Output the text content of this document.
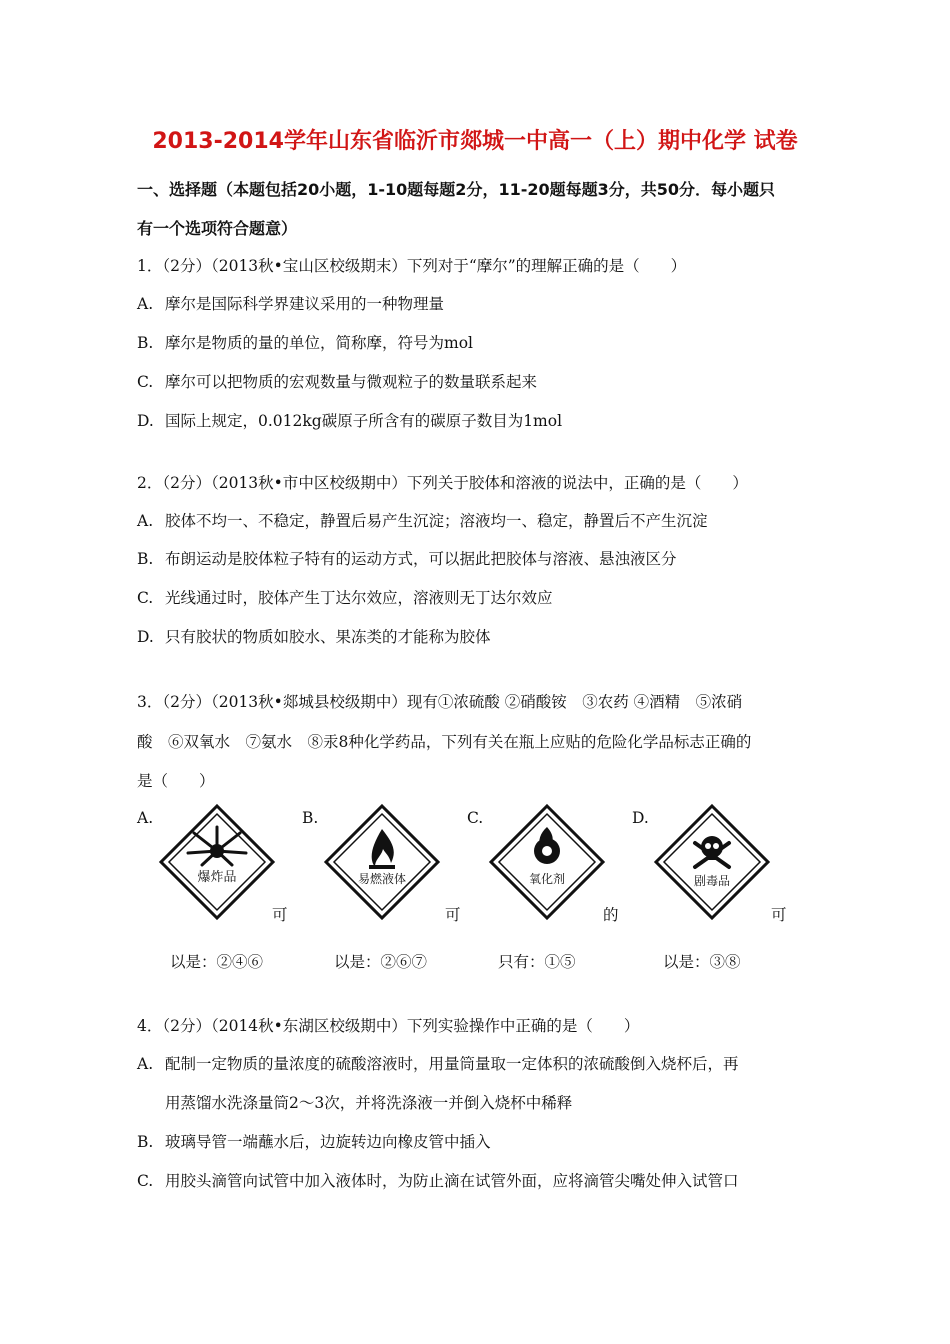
2013-2014学年山东省临沂市郯城一中高一（上）期中化学 试卷
一、选择题（本题包括20小题，1-10题每题2分，11-20题每题3分，共50分．每小题只
有一个选项符合题意）
1．（2分）（2013秋•宝山区校级期末）下列对于“摩尔”的理解正确的是（　　）
A. 摩尔是国际科学界建议采用的一种物理量
B. 摩尔是物质的量的单位，简称摩，符号为mol
C. 摩尔可以把物质的宏观数量与微观粒子的数量联系起来
D. 国际上规定，0.012kg碳原子所含有的碳原子数目为1mol
2．（2分）（2013秋•市中区校级期中）下列关于胶体和溶液的说法中，正确的是（　　）
A. 胶体不均一、不稳定，静置后易产生沉淀；溶液均一、稳定，静置后不产生沉淀
B. 布朗运动是胶体粒子特有的运动方式，可以据此把胶体与溶液、悬浊液区分
C. 光线通过时，胶体产生丁达尔效应，溶液则无丁达尔效应
D. 只有胶状的物质如胶水、果冻类的才能称为胶体
3．（2分）（2013秋•郯城县校级期中）现有①浓硫酸 ②硝酸铵　③农药 ④酒精　⑤浓硝
酸　⑥双氧水　⑦氨水　⑧汞8种化学药品，下列有关在瓶上应贴的危险化学品标志正确的
是（　　）
A.
爆炸品
可
以是：②④⑥
B.
易燃液体
可
以是：②⑥⑦
C.
氧化剂
的
只有：①⑤
D.
剧毒品
可
以是：③⑧
4．（2分）（2014秋•东湖区校级期中）下列实验操作中正确的是（　　）
A. 配制一定物质的量浓度的硫酸溶液时，用量筒量取一定体积的浓硫酸倒入烧杯后，再
用蒸馏水洗涤量筒2～3次，并将洗涤液一并倒入烧杯中稀释
B. 玻璃导管一端蘸水后，边旋转边向橡皮管中插入
C. 用胶头滴管向试管中加入液体时，为防止滴在试管外面，应将滴管尖嘴处伸入试管口
